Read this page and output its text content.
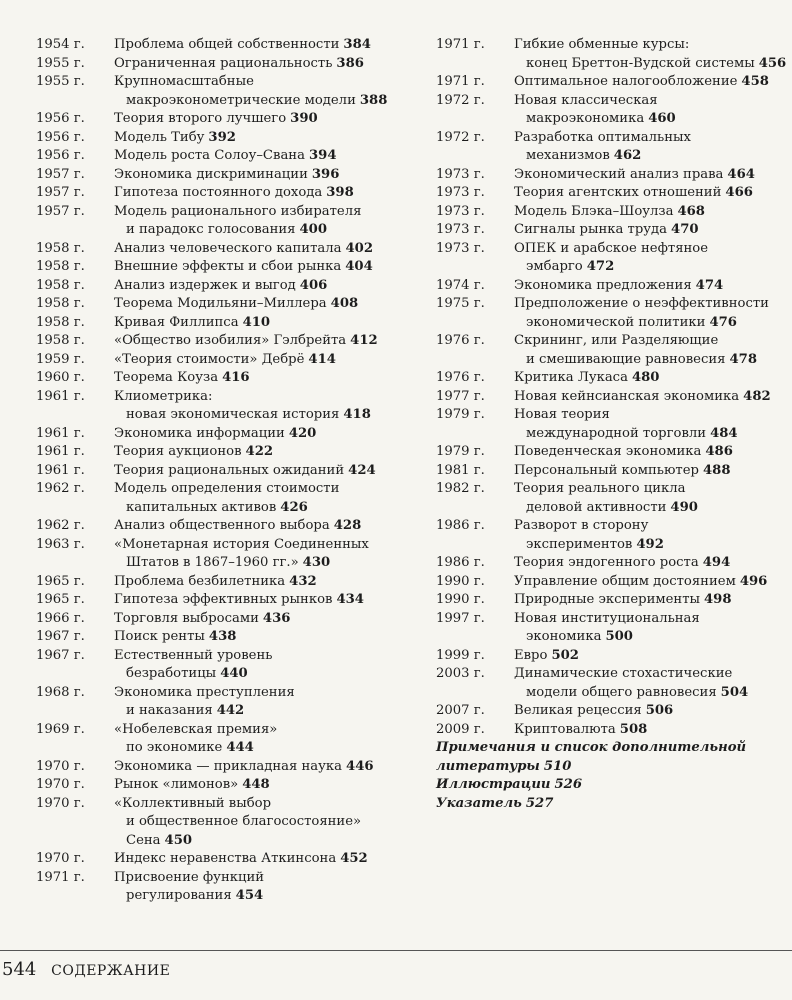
1954 г.	Проблема общей собственности 384
1955 г.	Ограниченная рациональность 386
1955 г.	Крупномасштабные
макроэконометрические модели 388
1956 г.	Теория второго лучшего 390
1956 г.	Модель Тибу 392
1956 г.	Модель роста Солоу–Свана 394
1957 г.	Экономика дискриминации 396
1957 г.	Гипотеза постоянного дохода 398
1957 г.	Модель рационального избирателя
и парадокс голосования 400
1958 г.	Анализ человеческого капитала 402
1958 г.	Внешние эффекты и сбои рынка 404
1958 г.	Анализ издержек и выгод 406
1958 г.	Теорема Модильяни–Миллера 408
1958 г.	Кривая Филлипса 410
1958 г.	«Общество изобилия» Гэлбрейта 412
1959 г.	«Теория стоимости» Дебрё 414
1960 г.	Теорема Коуза 416
1961 г.	Клиометрика:
новая экономическая история 418
1961 г.	Экономика информации 420
1961 г.	Теория аукционов 422
1961 г.	Теория рациональных ожиданий 424
1962 г.	Модель определения стоимости
капитальных активов 426
1962 г.	Анализ общественного выбора 428
1963 г.	«Монетарная история Соединенных
Штатов в 1867–1960 гг.» 430
1965 г.	Проблема безбилетника 432
1965 г.	Гипотеза эффективных рынков 434
1966 г.	Торговля выбросами 436
1967 г.	Поиск ренты 438
1967 г.	Естественный уровень
безработицы 440
1968 г.	Экономика преступления
и наказания 442
1969 г.	«Нобелевская премия»
по экономике 444
1970 г.	Экономика — прикладная наука 446
1970 г.	Рынок «лимонов» 448
1970 г.	«Коллективный выбор
и общественное благосостояние»
Сена 450
1970 г.	Индекс неравенства Аткинсона 452
1971 г.	Присвоение функций
регулирования 454
1971 г.	Гибкие обменные курсы:
конец Бреттон-Вудской системы 456
1971 г.	Оптимальное налогообложение 458
1972 г.	Новая классическая
макроэкономика 460
1972 г.	Разработка оптимальных
механизмов 462
1973 г.	Экономический анализ права 464
1973 г.	Теория агентских отношений 466
1973 г.	Модель Блэка–Шоулза 468
1973 г.	Сигналы рынка труда 470
1973 г.	ОПЕК и арабское нефтяное
эмбарго 472
1974 г.	Экономика предложения 474
1975 г.	Предположение о неэффективности
экономической политики 476
1976 г.	Скрининг, или Разделяющие
и смешивающие равновесия 478
1976 г.	Критика Лукаса 480
1977 г.	Новая кейнсианская экономика 482
1979 г.	Новая теория
международной торговли 484
1979 г.	Поведенческая экономика 486
1981 г.	Персональный компьютер 488
1982 г.	Теория реального цикла
деловой активности 490
1986 г.	Разворот в сторону
экспериментов 492
1986 г.	Теория эндогенного роста 494
1990 г.	Управление общим достоянием 496
1990 г.	Природные эксперименты 498
1997 г.	Новая институциональная
экономика 500
1999 г.	Евро 502
2003 г.	Динамические стохастические
модели общего равновесия 504
2007 г.	Великая рецессия 506
2009 г.	Криптовалюта 508
Примечания и список дополнительной
литературы 510
Иллюстрации 526
Указатель 527
544 СОДЕРЖАНИЕ
